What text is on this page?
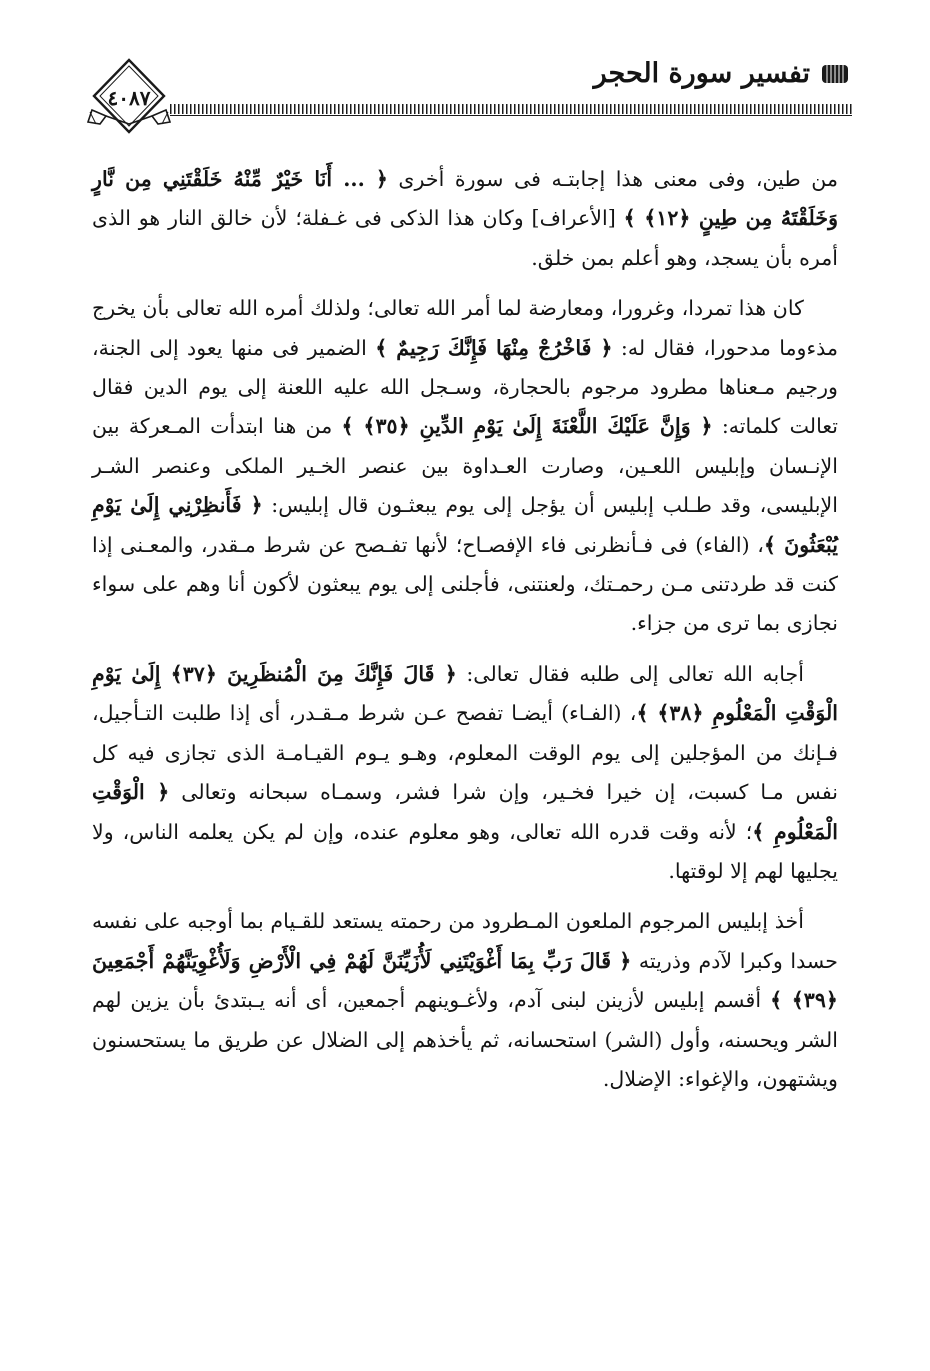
تفسير سورة الحجر
٤٠٨٧

من طين، وفى معنى هذا إجابتـه فى سورة أخرى ﴿ ... أَنَا خَيْرٌ مِّنْهُ خَلَقْتَنِي مِن نَّارٍ وَخَلَقْتَهُ مِن طِينٍ ﴿١٢﴾ ﴾ [الأعراف] وكان هذا الذكى فى غـفلة؛ لأن خالق النار هو الذى أمره بأن يسجد، وهو أعلم بمن خلق.

كان هذا تمردا، وغرورا، ومعارضة لما أمر الله تعالى؛ ولذلك أمره الله تعالى بأن يخرج مذءوما مدحورا، فقال له: ﴿ فَاخْرُجْ مِنْهَا فَإِنَّكَ رَجِيمٌ ﴾ الضمير فى منها يعود إلى الجنة، ورجيم مـعناها مطرود مرجوم بالحجارة، وسـجل الله عليه اللعنة إلى يوم الدين فقال تعالت كلماته: ﴿ وَإِنَّ عَلَيْكَ اللَّعْنَةَ إِلَىٰ يَوْمِ الدِّينِ ﴿٣٥﴾ ﴾ من هنا ابتدأت المـعركة بين الإنـسان وإبليس اللعـين، وصارت العـداوة بين عنصر الخـير الملكى وعنصر الشـر الإبليسى، وقد طـلب إبليس أن يؤجل إلى يوم يبعثـون قال إبليس: ﴿ فَأَنظِرْنِي إِلَىٰ يَوْمِ يُبْعَثُونَ ﴾، (الفاء) فى فـأنظرنى فاء الإفصـاح؛ لأنها تفـصح عن شرط مـقدر، والمعـنى إذا كنت قد طردتنى مـن رحمـتك، ولعنتنى، فأجلنى إلى يوم يبعثون لأكون أنا وهم على سواء نجازى بما ترى من جزاء.

أجابه الله تعالى إلى طلبه فقال تعالى: ﴿ قَالَ فَإِنَّكَ مِنَ الْمُنظَرِينَ ﴿٣٧﴾ إِلَىٰ يَوْمِ الْوَقْتِ الْمَعْلُومِ ﴿٣٨﴾ ﴾، (الفـاء) أيضـا تفصح عـن شرط مـقـدر، أى إذا طلبت التـأجيل، فـإنك من المؤجلين إلى يوم الوقت المعلوم، وهـو يـوم القيـامـة الذى تجازى فيه كل نفس مـا كسبت، إن خيرا فخـير، وإن شرا فشر، وسمـاه سبحانه وتعالى ﴿ الْوَقْتِ الْمَعْلُومِ ﴾؛ لأنه وقت قدره الله تعالى، وهو معلوم عنده، وإن لم يكن يعلمه الناس، ولا يجليها لهم إلا لوقتها.

أخذ إبليس المرجوم الملعون المـطرود من رحمته يستعد للقـيام بما أوجبه على نفسه حسدا وكبرا لآدم وذريته ﴿ قَالَ رَبِّ بِمَا أَغْوَيْتَنِي لَأُزَيِّنَنَّ لَهُمْ فِي الْأَرْضِ وَلَأُغْوِيَنَّهُمْ أَجْمَعِينَ ﴿٣٩﴾ ﴾ أقسم إبليس لأزينن لبنى آدم، ولأغـوينهم أجمعين، أى أنه يـبتدئ بأن يزين لهم الشر ويحسنه، وأول (الشر) استحسانه، ثم يأخذهم إلى الضلال عن طريق ما يستحسنون ويشتهون، والإغواء: الإضلال.
